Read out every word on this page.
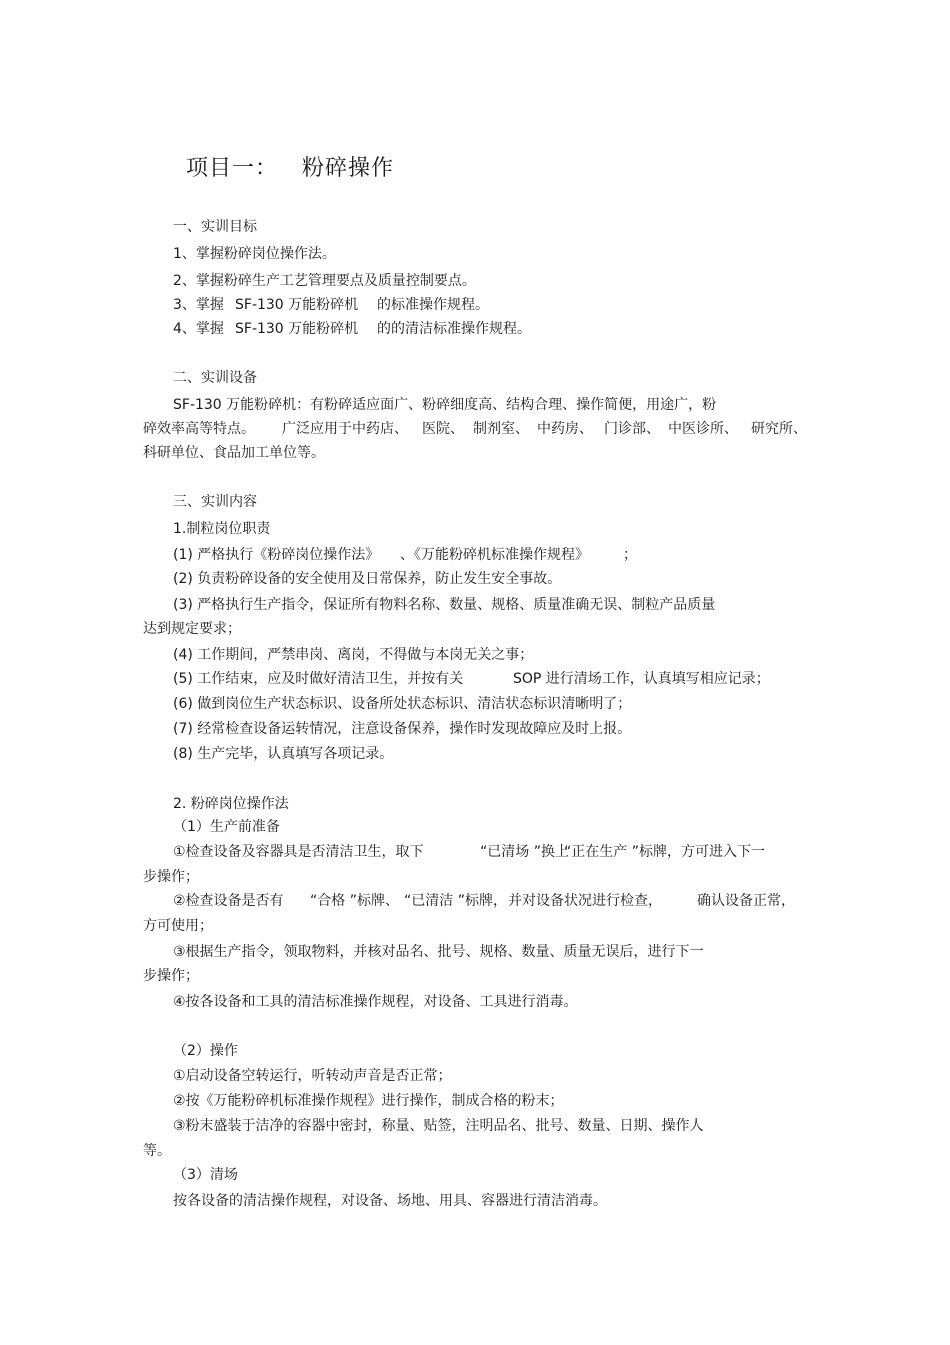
项目一： 粉碎操作
一、实训目标
1、掌握粉碎岗位操作法。
2、掌握粉碎生产工艺管理要点及质量控制要点。
3、掌握 SF-130 万能粉碎机 的标准操作规程。
4、掌握 SF-130 万能粉碎机 的的清洁标准操作规程。
二、实训设备
SF-130 万能粉碎机：有粉碎适应面广、粉碎细度高、结构合理、操作简便，用途广，粉
碎效率高等特点。 广泛应用于中药店、 医院、 制剂室、 中药房、 门诊部、 中医诊所、 研究所、
科研单位、食品加工单位等。
三、实训内容
1.制粒岗位职责
(1) 严格执行《粉碎岗位操作法》 、《万能粉碎机标准操作规程》 ；
(2) 负责粉碎设备的安全使用及日常保养，防止发生安全事故。
(3) 严格执行生产指令，保证所有物料名称、数量、规格、质量准确无误、制粒产品质量
达到规定要求；
(4) 工作期间，严禁串岗、离岗，不得做与本岗无关之事；
(5) 工作结束，应及时做好清洁卫生，并按有关	SOP 进行清场工作，认真填写相应记录；
(6) 做到岗位生产状态标识、设备所处状态标识、清洁状态标识清晰明了；
(7) 经常检查设备运转情况，注意设备保养，操作时发现故障应及时上报。
(8) 生产完毕，认真填写各项记录。
2. 粉碎岗位操作法
（1）生产前准备
①检查设备及容器具是否清洁卫生，取下	“已清场 ”换上“正在生产 ”标牌，方可进入下一
步操作；
②检查设备是否有 “合格 ”标牌、 “已清洁 ”标牌，并对设备状况进行检查，	确认设备正常，
方可使用；
③根据生产指令，领取物料，并核对品名、批号、规格、数量、质量无误后，进行下一
步操作；
④按各设备和工具的清洁标准操作规程，对设备、工具进行消毒。
（2）操作
①启动设备空转运行，听转动声音是否正常；
②按《万能粉碎机标准操作规程》进行操作，制成合格的粉末；
③粉末盛装于洁净的容器中密封，称量、贴签，注明品名、批号、数量、日期、操作人
等。
（3）清场
按各设备的清洁操作规程，对设备、场地、用具、容器进行清洁消毒。
